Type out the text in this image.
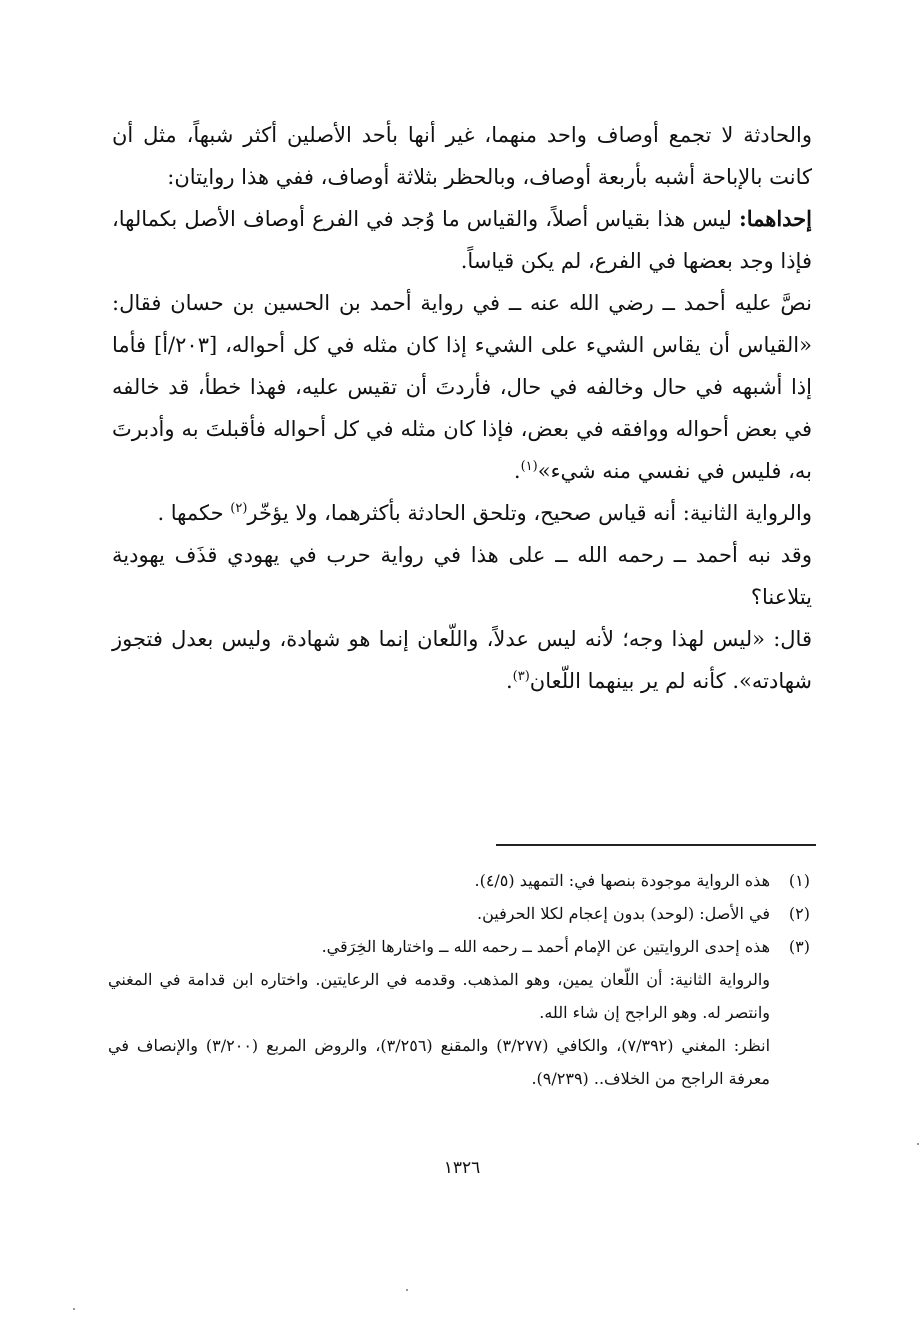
والحادثة لا تجمع أوصاف واحد منهما، غير أنها بأحد الأصلين أكثر شبهاً، مثل أن كانت بالإباحة أشبه بأربعة أوصاف، وبالحظر بثلاثة أوصاف، ففي هذا روايتان:

إحداهما: ليس هذا بقياس أصلاً، والقياس ما وُجد في الفرع أوصاف الأصل بكمالها، فإذا وجد بعضها في الفرع، لم يكن قياساً.

نصَّ عليه أحمد ــ رضي الله عنه ــ في رواية أحمد بن الحسين بن حسان فقال: «القياس أن يقاس الشيء على الشيء إذا كان مثله في كل أحواله، [٢٠٣/أ] فأما إذا أشبهه في حال وخالفه في حال، فأردتَ أن تقيس عليه، فهذا خطأ، قد خالفه في بعض أحواله ووافقه في بعض، فإذا كان مثله في كل أحواله فأقبلتَ به وأدبرتَ به، فليس في نفسي منه شيء»$^{(١)}$.

والرواية الثانية: أنه قياس صحيح، وتلحق الحادثة بأكثرهما، ولا يؤخّر$^{(٢)}$ حكمها .

وقد نبه أحمد ــ رحمه الله ــ على هذا في رواية حرب في يهودي قذَف يهودية يتلاعنا؟

قال: «ليس لهذا وجه؛ لأنه ليس عدلاً، واللّعان إنما هو شهادة، وليس بعدل فتجوز شهادته». كأنه لم ير بينهما اللّعان$^{(٣)}$.

(١)
هذه الرواية موجودة بنصها في: التمهيد (٤/٥).
(٢)
في الأصل: (لوحد) بدون إعجام لكلا الحرفين.
(٣)
هذه إحدى الروايتين عن الإمام أحمد ــ رحمه الله ــ واختارها الخِرَقي.
والرواية الثانية: أن اللّعان يمين، وهو المذهب. وقدمه في الرعايتين. واختاره ابن قدامة في المغني وانتصر له. وهو الراجح إن شاء الله.
انظر: المغني (٧/٣٩٢)، والكافي (٣/٢٧٧) والمقنع (٣/٢٥٦)، والروض المربع (٣/٢٠٠) والإنصاف في معرفة الراجح من الخلاف.. (٩/٢٣٩).
١٣٢٦
